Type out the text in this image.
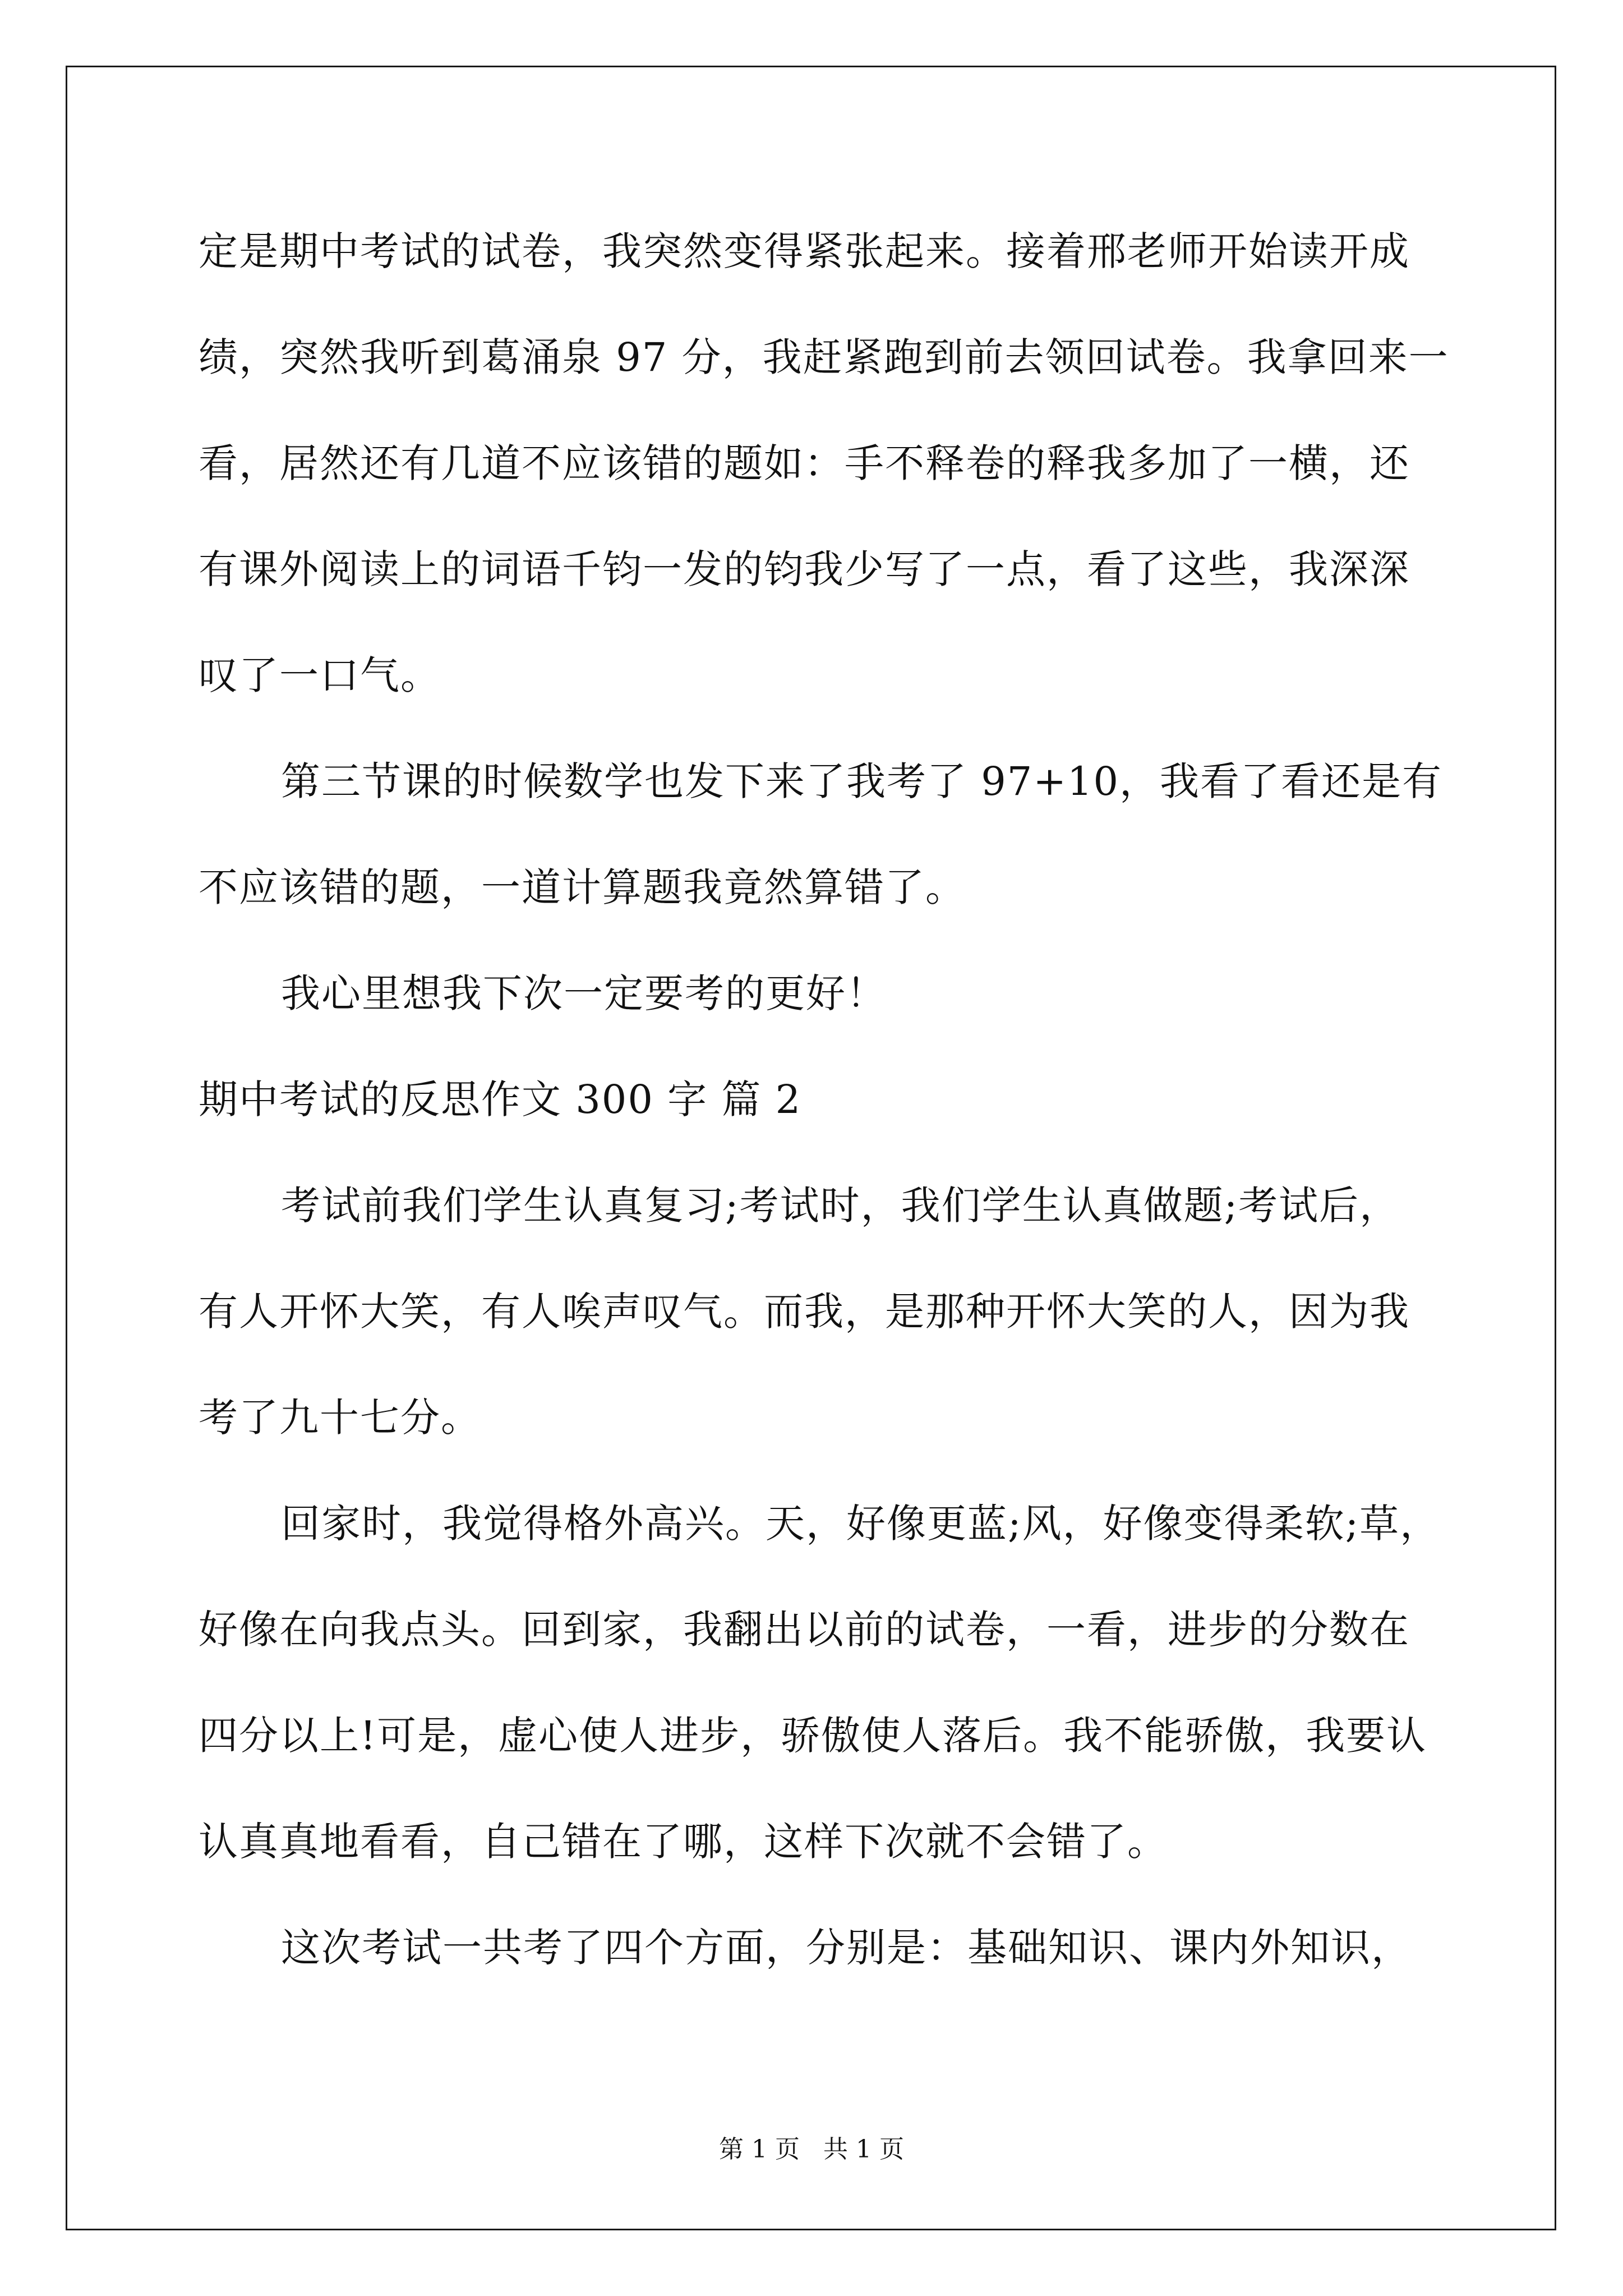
定是期中考试的试卷，我突然变得紧张起来。接着邢老师开始读开成
绩，突然我听到葛涌泉 97 分，我赶紧跑到前去领回试卷。我拿回来一
看，居然还有几道不应该错的题如：手不释卷的释我多加了一横，还
有课外阅读上的词语千钧一发的钧我少写了一点，看了这些，我深深
叹了一口气。
第三节课的时候数学也发下来了我考了 97+10，我看了看还是有
不应该错的题，一道计算题我竟然算错了。
我心里想我下次一定要考的更好！
期中考试的反思作文 300 字 篇 2
考试前我们学生认真复习;考试时，我们学生认真做题;考试后，
有人开怀大笑，有人唉声叹气。而我，是那种开怀大笑的人，因为我
考了九十七分。
回家时，我觉得格外高兴。天，好像更蓝;风，好像变得柔软;草，
好像在向我点头。回到家，我翻出以前的试卷，一看，进步的分数在
四分以上!可是，虚心使人进步，骄傲使人落后。我不能骄傲，我要认
认真真地看看，自己错在了哪，这样下次就不会错了。
这次考试一共考了四个方面，分别是：基础知识、课内外知识，
第 1 页   共 1 页
